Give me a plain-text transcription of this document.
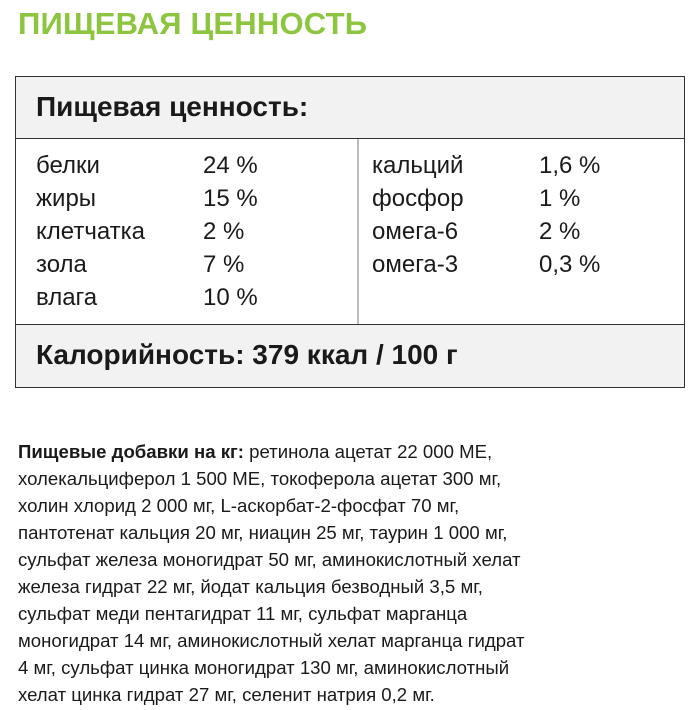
ПИЩЕВАЯ ЦЕННОСТЬ
Пищевая ценность:
белки	24 %
жиры	15 %
клетчатка 2 %
зола	7 %
влага	10 %
кальций	1,6 %
фосфор	1 %
омега-6	2 %
омега-3	0,3 %
Калорийность: 379 ккал / 100 г
Пищевые добавки на кг: ретинола ацетат 22 000 МЕ,
холекальциферол 1 500 МЕ, токоферола ацетат 300 мг,
холин хлорид 2 000 мг, L-аскорбат-2-фосфат 70 мг,
пантотенат кальция 20 мг, ниацин 25 мг, таурин 1 000 мг,
сульфат железа моногидрат 50 мг, аминокислотный хелат
железа гидрат 22 мг, йодат кальция безводный 3,5 мг,
сульфат меди пентагидрат 11 мг, сульфат марганца
моногидрат 14 мг, аминокислотный хелат марганца гидрат
4 мг, сульфат цинка моногидрат 130 мг, аминокислотный
хелат цинка гидрат 27 мг, селенит натрия 0,2 мг.
